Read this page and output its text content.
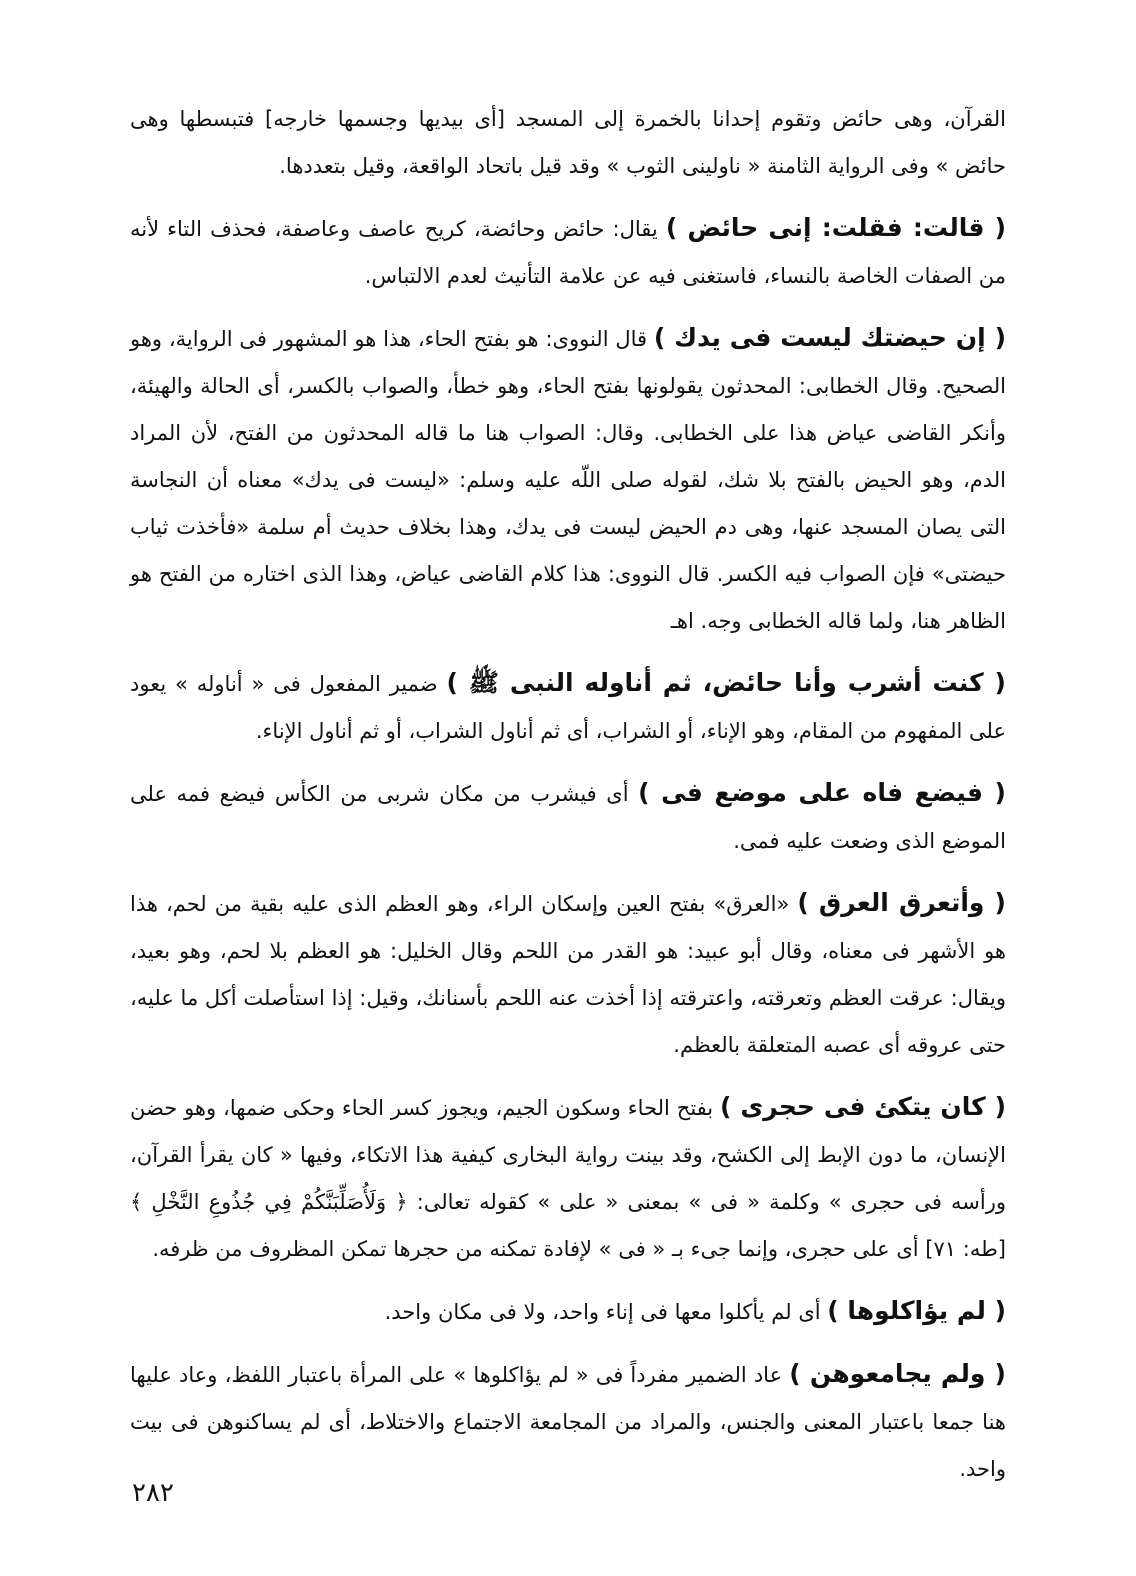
القرآن، وهى حائض وتقوم إحدانا بالخمرة إلى المسجد [أى بيديها وجسمها خارجه] فتبسطها وهى حائض » وفى الرواية الثامنة « ناولينى الثوب » وقد قيل باتحاد الواقعة، وقيل بتعددها.

( قالت: فقلت: إنى حائض ) يقال: حائض وحائضة، كريح عاصف وعاصفة، فحذف التاء لأنه من الصفات الخاصة بالنساء، فاستغنى فيه عن علامة التأنيث لعدم الالتباس.

( إن حيضتك ليست فى يدك ) قال النووى: هو بفتح الحاء، هذا هو المشهور فى الرواية، وهو الصحيح. وقال الخطابى: المحدثون يقولونها بفتح الحاء، وهو خطأ، والصواب بالكسر، أى الحالة والهيئة، وأنكر القاضى عياض هذا على الخطابى. وقال: الصواب هنا ما قاله المحدثون من الفتح، لأن المراد الدم، وهو الحيض بالفتح بلا شك، لقوله صلى اللّه عليه وسلم: «ليست فى يدك» معناه أن النجاسة التى يصان المسجد عنها، وهى دم الحيض ليست فى يدك، وهذا بخلاف حديث أم سلمة «فأخذت ثياب حيضتى» فإن الصواب فيه الكسر. قال النووى: هذا كلام القاضى عياض، وهذا الذى اختاره من الفتح هو الظاهر هنا، ولما قاله الخطابى وجه. اهـ

( كنت أشرب وأنا حائض، ثم أناوله النبى ﷺ ) ضمير المفعول فى « أناوله » يعود على المفهوم من المقام، وهو الإناء، أو الشراب، أى ثم أناول الشراب، أو ثم أناول الإناء.

( فيضع فاه على موضع فى ) أى فيشرب من مكان شربى من الكأس فيضع فمه على الموضع الذى وضعت عليه فمى.

( وأتعرق العرق ) «العرق» بفتح العين وإسكان الراء، وهو العظم الذى عليه بقية من لحم، هذا هو الأشهر فى معناه، وقال أبو عبيد: هو القدر من اللحم وقال الخليل: هو العظم بلا لحم، وهو بعيد، ويقال: عرقت العظم وتعرقته، واعترقته إذا أخذت عنه اللحم بأسنانك، وقيل: إذا استأصلت أكل ما عليه، حتى عروقه أى عصبه المتعلقة بالعظم.

( كان يتكئ فى حجرى ) بفتح الحاء وسكون الجيم، ويجوز كسر الحاء وحكى ضمها، وهو حضن الإنسان، ما دون الإبط إلى الكشح، وقد بينت رواية البخارى كيفية هذا الاتكاء، وفيها « كان يقرأ القرآن، ورأسه فى حجرى » وكلمة « فى » بمعنى « على » كقوله تعالى: ﴿ وَلَأُصَلِّبَنَّكُمْ فِي جُذُوعِ النَّخْلِ ﴾ [طه: ٧١] أى على حجرى، وإنما جىء بـ « فى » لإفادة تمكنه من حجرها تمكن المظروف من ظرفه.

( لم يؤاكلوها ) أى لم يأكلوا معها فى إناء واحد، ولا فى مكان واحد.

( ولم يجامعوهن ) عاد الضمير مفرداً فى « لم يؤاكلوها » على المرأة باعتبار اللفظ، وعاد عليها هنا جمعا باعتبار المعنى والجنس، والمراد من المجامعة الاجتماع والاختلاط، أى لم يساكنوهن فى بيت واحد.

٢٨٢
